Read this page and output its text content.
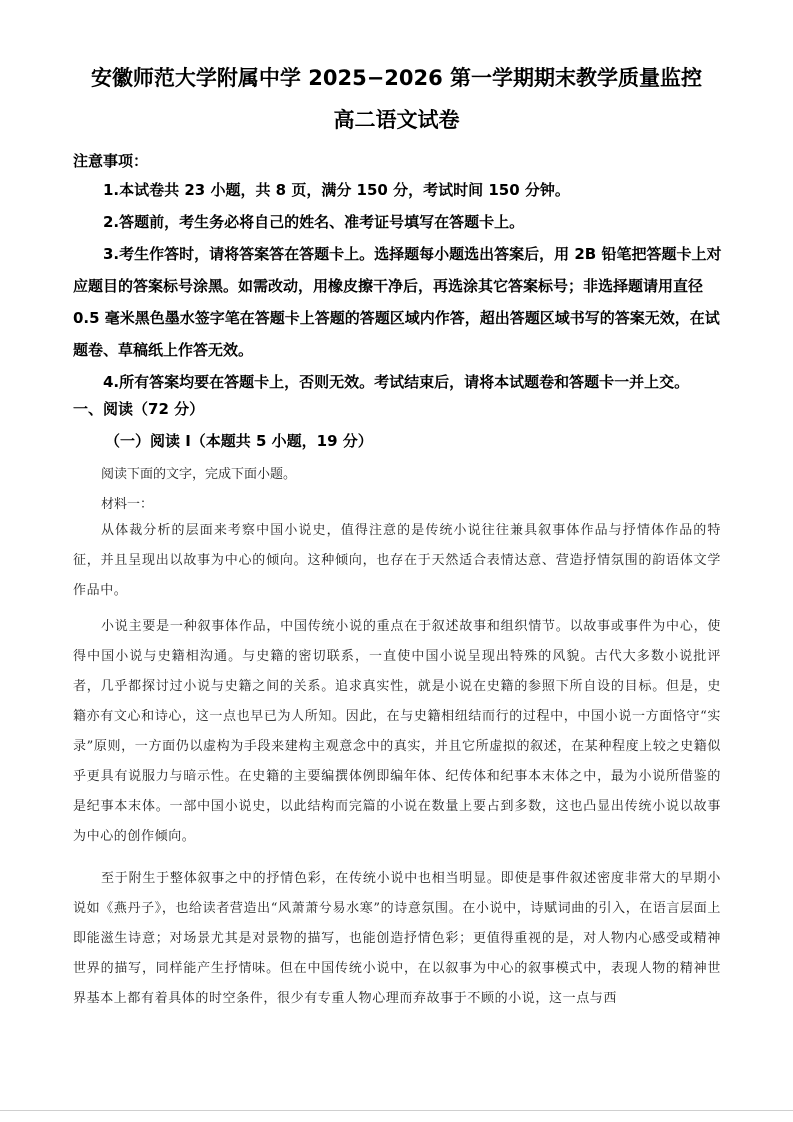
安徽师范大学附属中学 2025−2026 第一学期期末教学质量监控
高二语文试卷
注意事项：
1.本试卷共 23 小题，共 8 页，满分 150 分，考试时间 150 分钟。
2.答题前，考生务必将自己的姓名、准考证号填写在答题卡上。
3.考生作答时，请将答案答在答题卡上。选择题每小题选出答案后，用 2B 铅笔把答题卡上对应题目的答案标号涂黑。如需改动，用橡皮擦干净后，再选涂其它答案标号；非选择题请用直径 0.5 毫米黑色墨水签字笔在答题卡上答题的答题区域内作答，超出答题区域书写的答案无效，在试题卷、草稿纸上作答无效。
4.所有答案均要在答题卡上，否则无效。考试结束后，请将本试题卷和答题卡一并上交。
一、阅读（72 分）
（一）阅读 I（本题共 5 小题，19 分）
阅读下面的文字，完成下面小题。
材料一：
从体裁分析的层面来考察中国小说史，值得注意的是传统小说往往兼具叙事体作品与抒情体作品的特征，并且呈现出以故事为中心的倾向。这种倾向，也存在于天然适合表情达意、营造抒情氛围的韵语体文学作品中。
小说主要是一种叙事体作品，中国传统小说的重点在于叙述故事和组织情节。以故事或事件为中心，使得中国小说与史籍相沟通。与史籍的密切联系，一直使中国小说呈现出特殊的风貌。古代大多数小说批评者，几乎都探讨过小说与史籍之间的关系。追求真实性，就是小说在史籍的参照下所自设的目标。但是，史籍亦有文心和诗心，这一点也早已为人所知。因此，在与史籍相纽结而行的过程中，中国小说一方面恪守“实录”原则，一方面仍以虚构为手段来建构主观意念中的真实，并且它所虚拟的叙述，在某种程度上较之史籍似乎更具有说服力与暗示性。在史籍的主要编撰体例即编年体、纪传体和纪事本末体之中，最为小说所借鉴的是纪事本末体。一部中国小说史，以此结构而完篇的小说在数量上要占到多数，这也凸显出传统小说以故事为中心的创作倾向。
至于附生于整体叙事之中的抒情色彩，在传统小说中也相当明显。即使是事件叙述密度非常大的早期小说如《燕丹子》，也给读者营造出“风萧萧兮易水寒”的诗意氛围。在小说中，诗赋词曲的引入，在语言层面上即能滋生诗意；对场景尤其是对景物的描写，也能创造抒情色彩；更值得重视的是，对人物内心感受或精神世界的描写，同样能产生抒情味。但在中国传统小说中，在以叙事为中心的叙事模式中，表现人物的精神世界基本上都有着具体的时空条件，很少有专重人物心理而弃故事于不顾的小说，这一点与西
